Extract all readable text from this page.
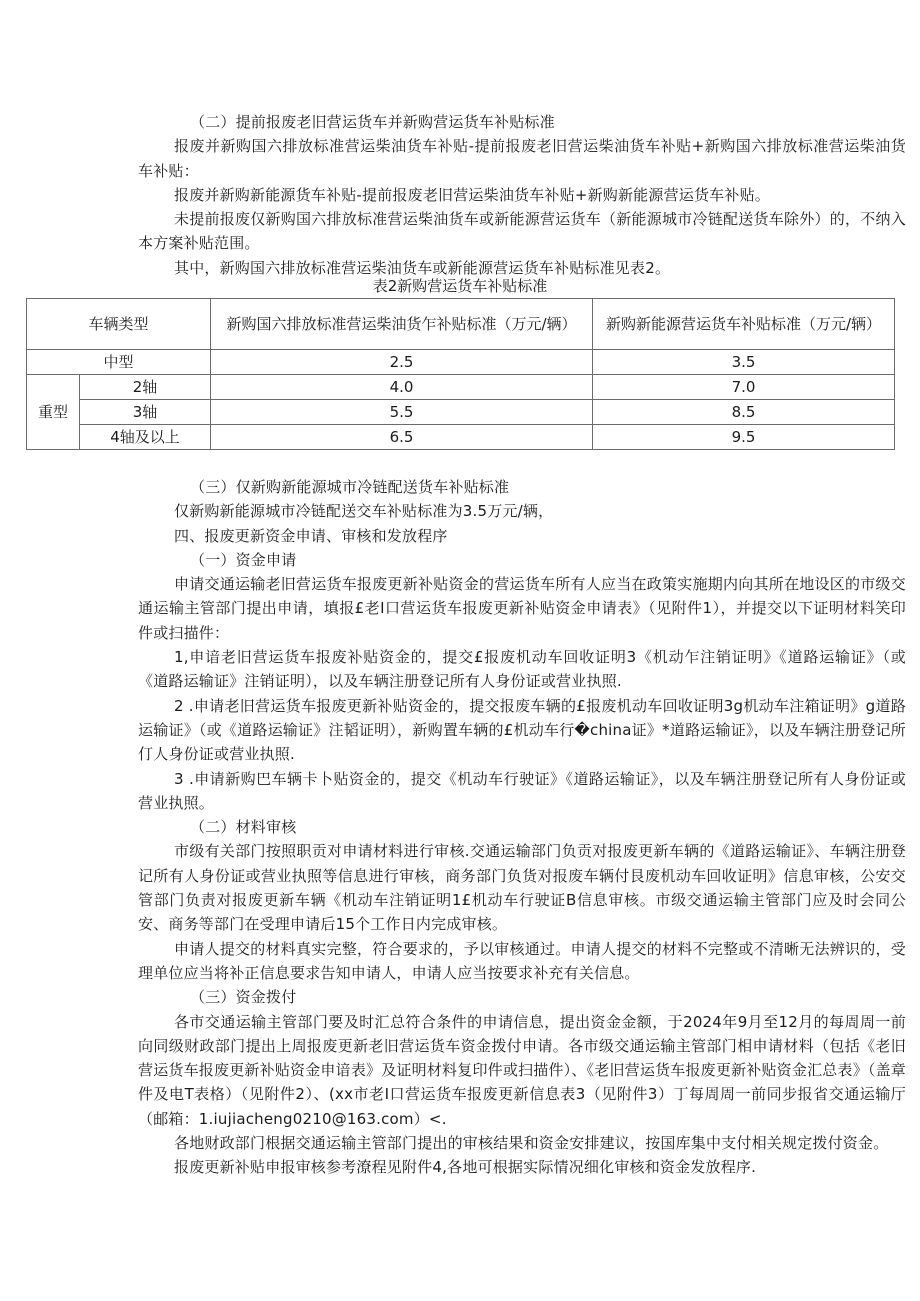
（二）提前报废老旧营运货车并新购营运货车补贴标准

报废并新购国六排放标准营运柴油货车补贴-提前报废老旧营运柴油货车补贴+新购国六排放标准营运柴油货车补贴：

报废并新购新能源货车补贴-提前报废老旧营运柴油货车补贴+新购新能源营运货车补贴。

未提前报废仅新购国六排放标准营运柴油货车或新能源营运货车（新能源城市冷链配送货车除外）的，不纳入本方案补贴范围。

其中，新购国六排放标准营运柴油货车或新能源营运货车补贴标准见表2。

表2新购营运货车补贴标准
车辆类型		新购国六排放标准营运柴油货乍补贴标准（万元/辆）	新购新能源营运货车补贴标准（万元/辆）
中型		2.5	3.5
重型	2轴	4.0	7.0
	3轴	5.5	8.5
	4轴及以上	6.5	9.5

（三）仅新购新能源城市冷链配送货车补贴标准

仅新购新能源城市冷链配送交车补贴标准为3.5万元/辆，

四、报废更新资金申请、审核和发放程序

（一）资金申请

申请交通运输老旧营运货车报废更新补贴资金的营运货车所有人应当在政策实施期内向其所在地设区的市级交通运输主管部门提出申请，填报£老I口营运货车报废更新补贴资金申请表》（见附件1），并提交以下证明材料笑印件或扫描件：

1,申谙老旧营运货车报废补贴资金的，提交£报废机动车回收证明3《机动乍注销证明》《道路运输证》（或《道路运输证》注销证明），以及车辆注册登记所有人身份证或营业执照.

2 .申请老旧营运货车报废更新补贴资金的，提交报废车辆的£报废机动车回收证明3g机动车注箱证明》g道路运输证》（或《道路运输证》注韬证明），新购置车辆的£机动车行�china证》*道路运输证》，以及车辆注册登记所仃人身份证或营业执照.

3 .申请新购巴车辆卡卜贴资金的，提交《机动车行驶证》《道路运输证》，以及车辆注册登记所有人身份证或营业执照。

（二）材料审核

市级有关部门按照职贡对申请材料进行审核.交通运输部门负贡对报废更新车辆的《道路运输证》、车辆注册登记所有人身份证或营业执照等信息进行审核，商务部门负货对报废车辆付艮废机动车回收证明》信息审核，公安交管部门负责对报废更新车辆《机动车注销证明1£机动车行驶证B信息审核。市级交通运输主管部门应及时会同公安、商务等部门在受理申请后15个工作日内完成审核。

申请人提交的材料真实完整，符合要求的，予以审核通过。申请人提交的材料不完整或不清晰无法辨识的，受理单位应当将补正信息要求告知申请人，申请人应当按要求补充有关信息。

（三）资金拨付

各市交通运输主管部门要及时汇总符合条件的申请信息，提出资金金额，于2024年9月至12月的每周周一前向同级财政部门提出上周报废更新老旧营运货车资金拨付申请。各市级交通运输主管部门相申请材料（包括《老旧营运货车报废更新补贴资金申谙表》及证明材料复印件或扫描件）、《老旧营运货车报废更新补贴资金汇总表》（盖章件及电T表格）（见附件2）、(xx市老I口营运货车报废更新信息表3（见附件3）丁每周周一前同步报省交通运输厅（邮箱：1.iujiacheng0210@163.com）<.

各地财政部门根据交通运输主管部门提出的审核结果和资金安排建议，按国库集中支付相关规定拨付资金。

报废更新补贴申报审核参考潦程见附件4,各地可根据实际情况细化审核和资金发放程序.
